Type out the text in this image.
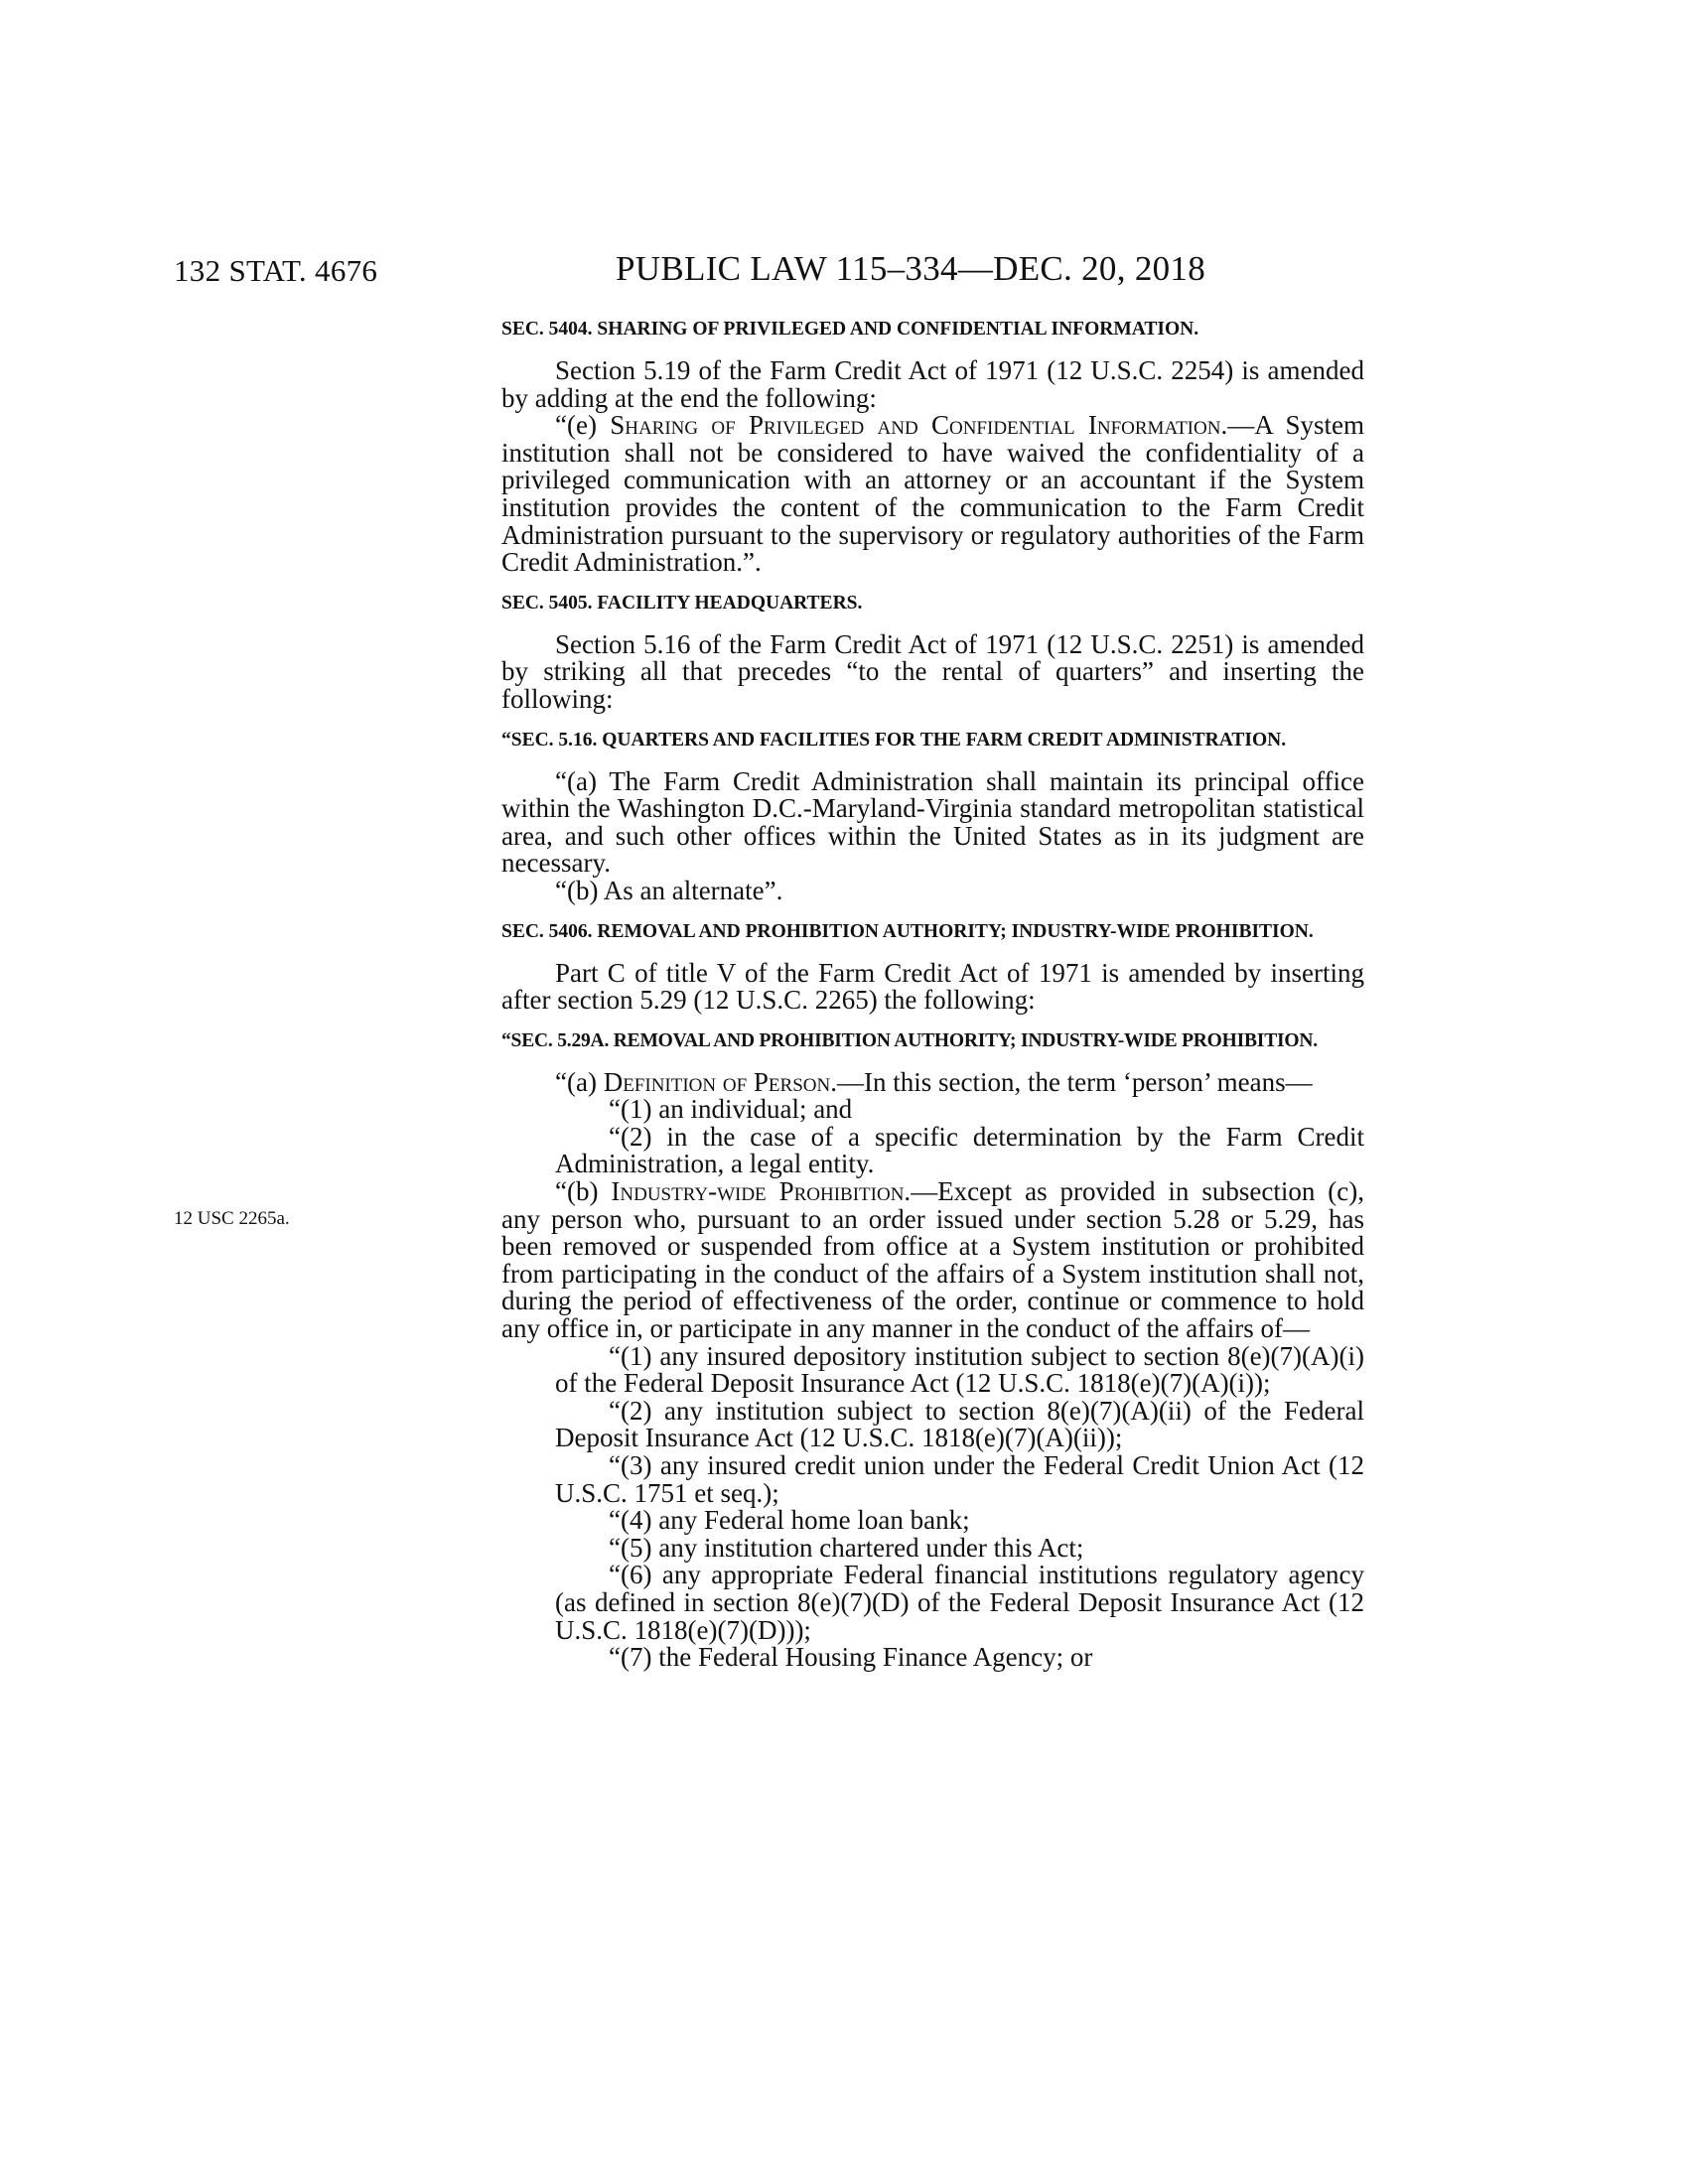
132 STAT. 4676	PUBLIC LAW 115–334—DEC. 20, 2018
12 USC 2265a.
SEC. 5404. SHARING OF PRIVILEGED AND CONFIDENTIAL INFORMATION.
Section 5.19 of the Farm Credit Act of 1971 (12 U.S.C. 2254) is amended by adding at the end the following:
“(e) Sharing of Privileged and Confidential Information.—A System institution shall not be considered to have waived the confidentiality of a privileged communication with an attorney or an accountant if the System institution provides the content of the communication to the Farm Credit Administration pursuant to the supervisory or regulatory authorities of the Farm Credit Administration.”.
SEC. 5405. FACILITY HEADQUARTERS.
Section 5.16 of the Farm Credit Act of 1971 (12 U.S.C. 2251) is amended by striking all that precedes “to the rental of quarters” and inserting the following:
“SEC. 5.16. QUARTERS AND FACILITIES FOR THE FARM CREDIT ADMINISTRATION.
“(a) The Farm Credit Administration shall maintain its principal office within the Washington D.C.-Maryland-Virginia standard metropolitan statistical area, and such other offices within the United States as in its judgment are necessary.
“(b) As an alternate”.
SEC. 5406. REMOVAL AND PROHIBITION AUTHORITY; INDUSTRY-WIDE PROHIBITION.
Part C of title V of the Farm Credit Act of 1971 is amended by inserting after section 5.29 (12 U.S.C. 2265) the following:
“SEC. 5.29A. REMOVAL AND PROHIBITION AUTHORITY; INDUSTRY-WIDE PROHIBITION.
“(a) Definition of Person.—In this section, the term ‘person’ means—
“(1) an individual; and
“(2) in the case of a specific determination by the Farm Credit Administration, a legal entity.
“(b) Industry-wide Prohibition.—Except as provided in subsection (c), any person who, pursuant to an order issued under section 5.28 or 5.29, has been removed or suspended from office at a System institution or prohibited from participating in the conduct of the affairs of a System institution shall not, during the period of effectiveness of the order, continue or commence to hold any office in, or participate in any manner in the conduct of the affairs of—
“(1) any insured depository institution subject to section 8(e)(7)(A)(i) of the Federal Deposit Insurance Act (12 U.S.C. 1818(e)(7)(A)(i));
“(2) any institution subject to section 8(e)(7)(A)(ii) of the Federal Deposit Insurance Act (12 U.S.C. 1818(e)(7)(A)(ii));
“(3) any insured credit union under the Federal Credit Union Act (12 U.S.C. 1751 et seq.);
“(4) any Federal home loan bank;
“(5) any institution chartered under this Act;
“(6) any appropriate Federal financial institutions regulatory agency (as defined in section 8(e)(7)(D) of the Federal Deposit Insurance Act (12 U.S.C. 1818(e)(7)(D)));
“(7) the Federal Housing Finance Agency; or
